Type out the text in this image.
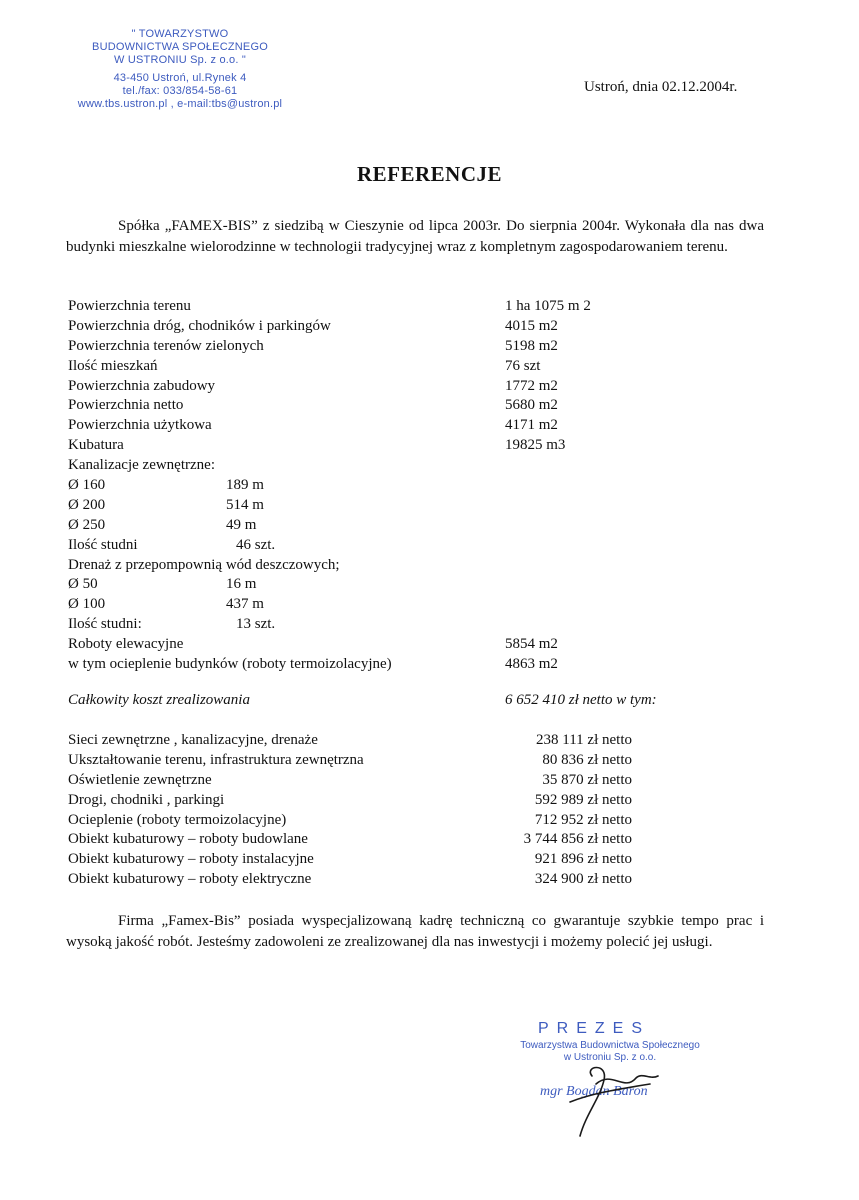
" TOWARZYSTWO
BUDOWNICTWA SPOŁECZNEGO
W USTRONIU Sp. z o.o. "
43-450 Ustroń, ul.Rynek 4
tel./fax: 033/854-58-61
www.tbs.ustron.pl , e-mail:tbs@ustron.pl
Ustroń, dnia 02.12.2004r.
REFERENCJE

Spółka „FAMEX-BIS” z siedzibą w Cieszynie od lipca 2003r. Do sierpnia 2004r. Wykonała dla nas dwa budynki mieszkalne wielorodzinne w technologii tradycyjnej wraz z kompletnym zagospodarowaniem terenu.

Powierzchnia terenu	1 ha 1075 m 2
Powierzchnia dróg, chodników i parkingów	4015 m2
Powierzchnia terenów zielonych	5198 m2
Ilość mieszkań	76 szt
Powierzchnia zabudowy	1772 m2
Powierzchnia netto	5680 m2
Powierzchnia użytkowa	4171 m2
Kubatura	19825 m3
Kanalizacje zewnętrzne:
Ø 160	189 m
Ø 200	514 m
Ø 250	49 m
Ilość studni	46 szt.
Drenaż z przepompownią wód deszczowych;
Ø 50	16 m
Ø 100	437 m
Ilość studni:	13 szt.
Roboty elewacyjne	5854 m2
w tym ocieplenie budynków (roboty termoizolacyjne)	4863 m2
Całkowity koszt zrealizowania	6 652 410 zł netto w tym:
Sieci zewnętrzne , kanalizacyjne, drenaże	238 111 zł netto
Ukształtowanie terenu, infrastruktura zewnętrzna	80 836 zł netto
Oświetlenie zewnętrzne	35 870 zł netto
Drogi, chodniki , parkingi	592 989 zł netto
Ocieplenie (roboty termoizolacyjne)	712 952 zł netto
Obiekt kubaturowy – roboty budowlane	3 744 856 zł netto
Obiekt kubaturowy – roboty instalacyjne	921 896 zł netto
Obiekt kubaturowy – roboty elektryczne	324 900 zł netto

Firma „Famex-Bis” posiada wyspecjalizowaną kadrę techniczną co gwarantuje szybkie tempo prac i wysoką jakość robót. Jesteśmy zadowoleni ze zrealizowanej dla nas inwestycji i możemy polecić jej usługi.

PREZES
Towarzystwa Budownictwa Społecznego
w Ustroniu Sp. z o.o.
mgr Bogdan Baron
